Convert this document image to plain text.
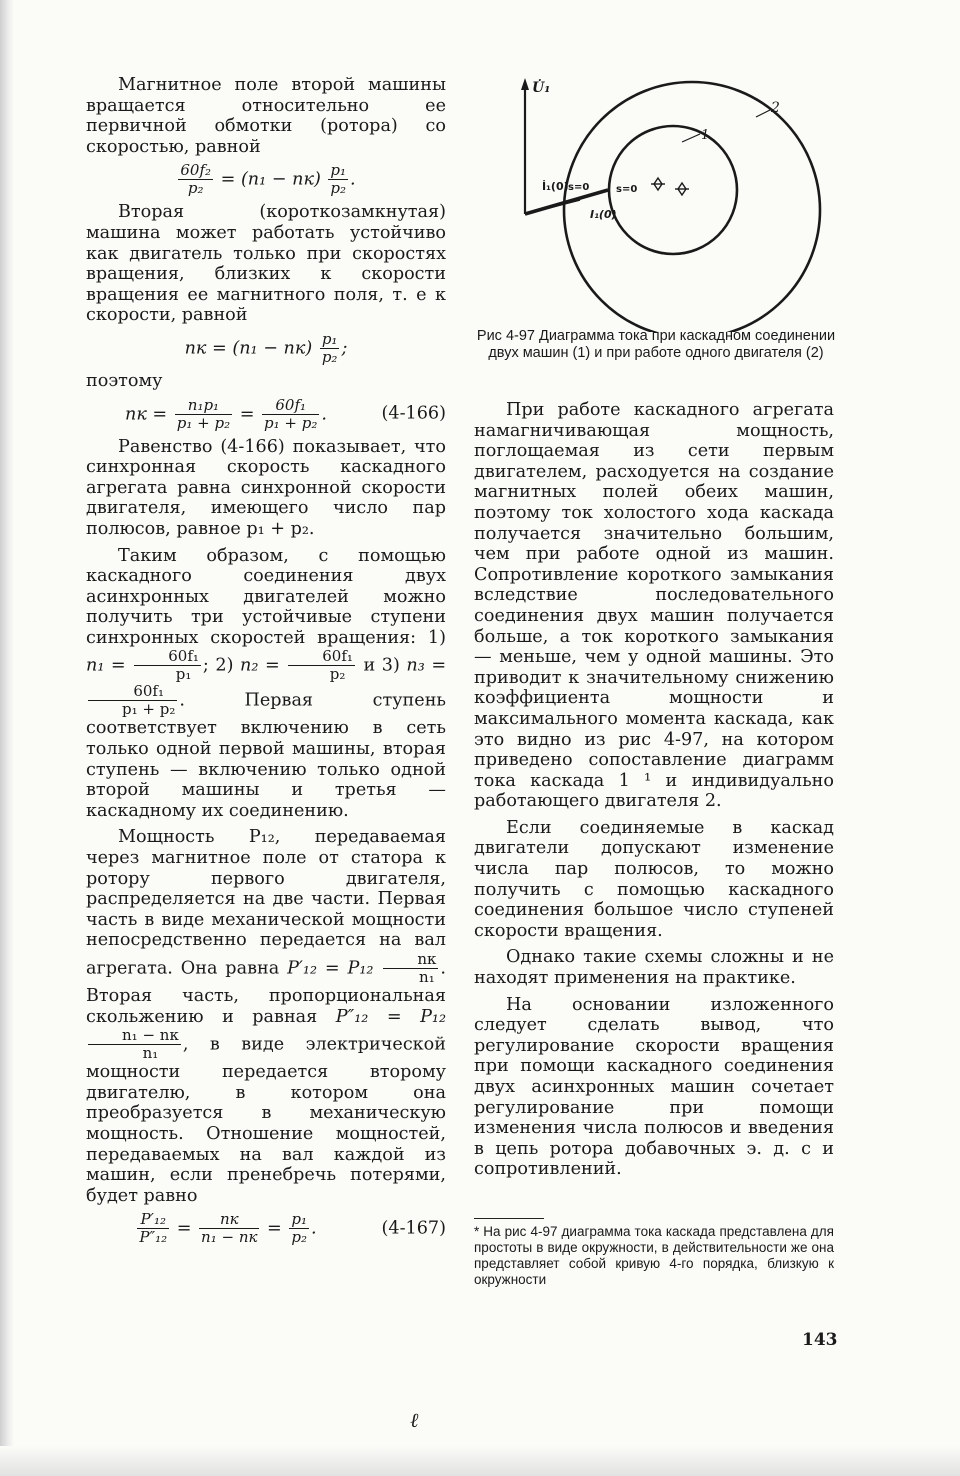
Магнитное поле второй машины вращается относительно ее первичной обмотки (ротора) со скоростью, равной

$\frac{\text{60f₂}}{\text{p₂}} = (n_1 - nк) \frac{\text{p₁}}{\text{p₂}}$ .

Вторая (короткозамкнутая) машина может работать устойчиво как двигатель только при скоростях вращения, близких к скорости вращения ее магнитного поля, т. е к скорости, равной

nк = $(n_1 - nк) \frac{\text{p₁}}{\text{p₂}}$ ;

поэтому

nк = $\frac{\text{n₁p₁}}{\text{p₁ + p₂}} = \frac{\text{60f₁}}{\text{p₁ + p₂}}$ .	(4-166)

Равенство (4-166) показывает, что синхронная скорость каскадного агрегата равна синхронной скорости двигателя, имеющего число пар полюсов, равное p₁ + p₂.

Таким образом, с помощью каскадного соединения двух асинхронных двигателей можно получить три устойчивые ступени синхронных скоростей вращения: 1) $n_1 = \frac{\text{60f₁}}{\text{p₁}}$ ; 2) $n_2 = \frac{\text{60f₁}}{\text{p₂}}$ и 3) n₃ =
$\frac{\text{60f₁}}{\text{p₁ + p₂}}$ . Первая ступень соответствует включению в сеть только одной первой машины, вторая ступень — включению только одной второй машины и третья — каскадному их соединению.

Мощность P₁₂, передаваемая через магнитное поле от статора к ротору первого двигателя, распределяется на две части. Первая часть в виде механической мощности непосредственно передается на вал агрегата. Она равна $P'_{12} = P_{12} \frac{nк}{\text{n₁}}$ . Вторая часть, пропорциональная скольжению и равная P″₁₂ = P₁₂
$\frac{\text{n₁ − nк}}{\text{n₁}}$ , в виде электрической мощности передается второму двигателю, в котором она преобразуется в механическую мощность. Отношение мощностей, передаваемых на вал каждой из машин, если пренебречь потерями, будет равно

$\frac{\text{P′₁₂}}{\text{P″₁₂}} = \frac{nк}{\text{n₁ − nк}} = \frac{\text{p₁}}{\text{p₂}}$ .	(4-167)
U̇₁
1
2
İ₁(0)
I₁(0)
s=0	s=0
Рис 4-97 Диаграмма тока при каскадном соединении двух машин (1) и при работе одного двигателя (2)

При работе каскадного агрегата намагничивающая мощность, поглощаемая из сети первым двигателем, расходуется на создание магнитных полей обеих машин, поэтому ток холостого хода каскада получается значительно большим, чем при работе одной из машин. Сопротивление короткого замыкания вследствие последовательного соединения двух машин получается больше, а ток короткого замыкания — меньше, чем у одной машины. Это приводит к значительному снижению коэффициента мощности и максимального момента каскада, как это видно из рис 4-97, на котором приведено сопоставление диаграмм тока каскада 1 ¹ и индивидуально работающего двигателя 2.

Если соединяемые в каскад двигатели допускают изменение числа пар полюсов, то можно получить с помощью каскадного соединения большое число ступеней скорости вращения.

Однако такие схемы сложны и не находят применения на практике.

На основании изложенного следует сделать вывод, что регулирование скорости вращения при помощи каскадного соединения двух асинхронных машин сочетает регулирование при помощи изменения числа полюсов и введения в цепь ротора добавочных э. д. с и сопротивлений.

* На рис 4-97 диаграмма тока каскада представлена для простоты в виде окружности, в действительности же она представляет собой кривую 4-го порядка, близкую к окружности
143
ℓ
